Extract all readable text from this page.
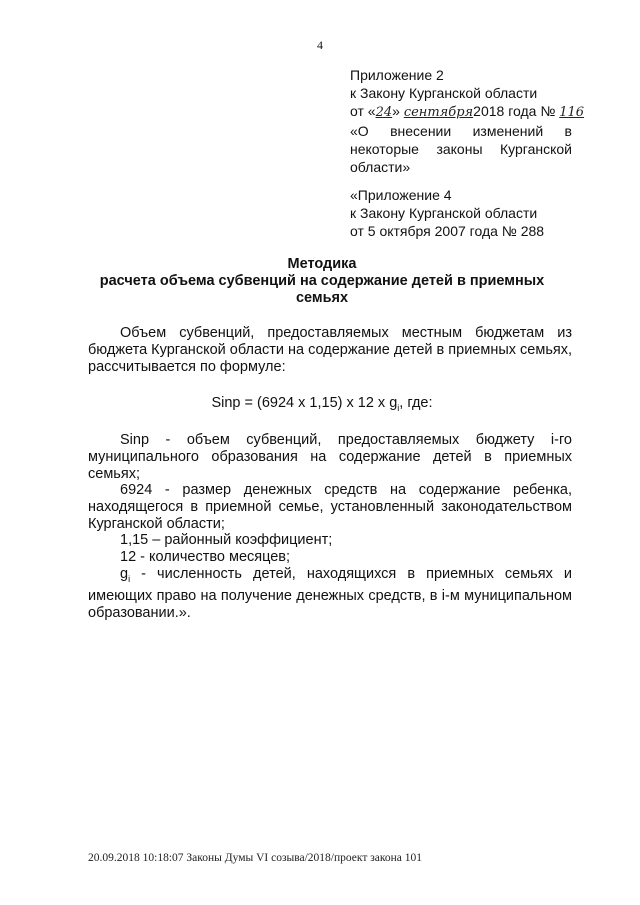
4
Приложение 2
к Закону Курганской области
от «24» сентября2018 года № 116
«О внесении изменений в
некоторые законы Курганской
области»
«Приложение 4
к Закону Курганской области
от 5 октября 2007 года № 288
Методика
расчета объема субвенций на содержание детей в приемных
семьях
Объем субвенций, предоставляемых местным бюджетам из бюджета Курганской области на содержание детей в приемных семьях, рассчитывается по формуле:
Sinp = (6924 х 1,15) х 12 х $g_i$, где:
Sinp - объем субвенций, предоставляемых бюджету i-го муниципального образования на содержание детей в приемных семьях;
6924 - размер денежных средств на содержание ребенка, находящегося в приемной семье, установленный законодательством Курганской области;
1,15 – районный коэффициент;
12 - количество месяцев;
$g_i$ - численность детей, находящихся в приемных семьях и имеющих право на получение денежных средств, в i-м муниципальном образовании.».
20.09.2018 10:18:07 Законы Думы VI созыва/2018/проект закона 101
